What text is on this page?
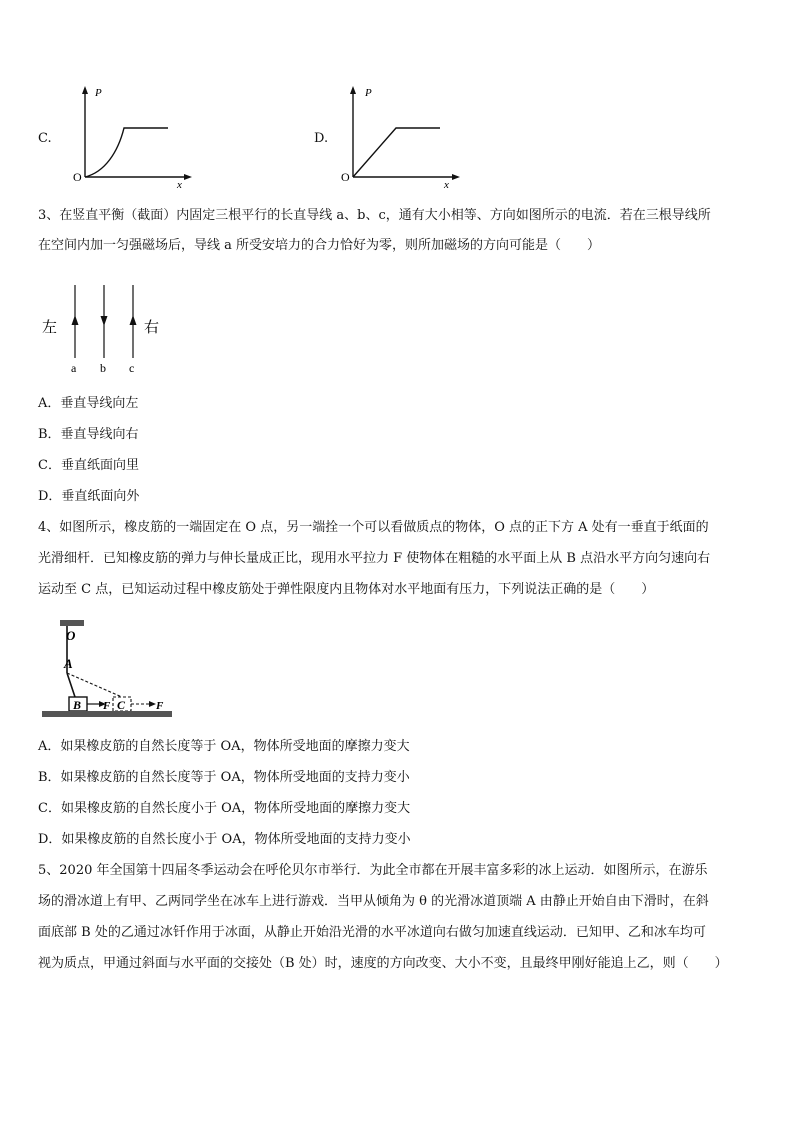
C.
P
O
x
D.
P
O
x
3、在竖直平衡（截面）内固定三根平行的长直导线 a、b、c，通有大小相等、方向如图所示的电流．若在三根导线所
在空间内加一匀强磁场后，导线 a 所受安培力的合力恰好为零，则所加磁场的方向可能是（　　）
左	右
a b c
A．垂直导线向左
B．垂直导线向右
C．垂直纸面向里
D．垂直纸面向外
4、如图所示，橡皮筋的一端固定在 O 点，另一端拴一个可以看做质点的物体，O 点的正下方 A 处有一垂直于纸面的
光滑细杆．已知橡皮筋的弹力与伸长量成正比，现用水平拉力 F 使物体在粗糙的水平面上从 B 点沿水平方向匀速向右
运动至 C 点，已知运动过程中橡皮筋处于弹性限度内且物体对水平地面有压力，下列说法正确的是（　　）
O
A
B	C
F	F
A．如果橡皮筋的自然长度等于 OA，物体所受地面的摩擦力变大
B．如果橡皮筋的自然长度等于 OA，物体所受地面的支持力变小
C．如果橡皮筋的自然长度小于 OA，物体所受地面的摩擦力变大
D．如果橡皮筋的自然长度小于 OA，物体所受地面的支持力变小
5、2020 年全国第十四届冬季运动会在呼伦贝尔市举行．为此全市都在开展丰富多彩的冰上运动．如图所示，在游乐
场的滑冰道上有甲、乙两同学坐在冰车上进行游戏．当甲从倾角为 θ 的光滑冰道顶端 A 由静止开始自由下滑时，在斜
面底部 B 处的乙通过冰钎作用于冰面，从静止开始沿光滑的水平冰道向右做匀加速直线运动．已知甲、乙和冰车均可
视为质点，甲通过斜面与水平面的交接处（B 处）时，速度的方向改变、大小不变，且最终甲刚好能追上乙，则（　　）
